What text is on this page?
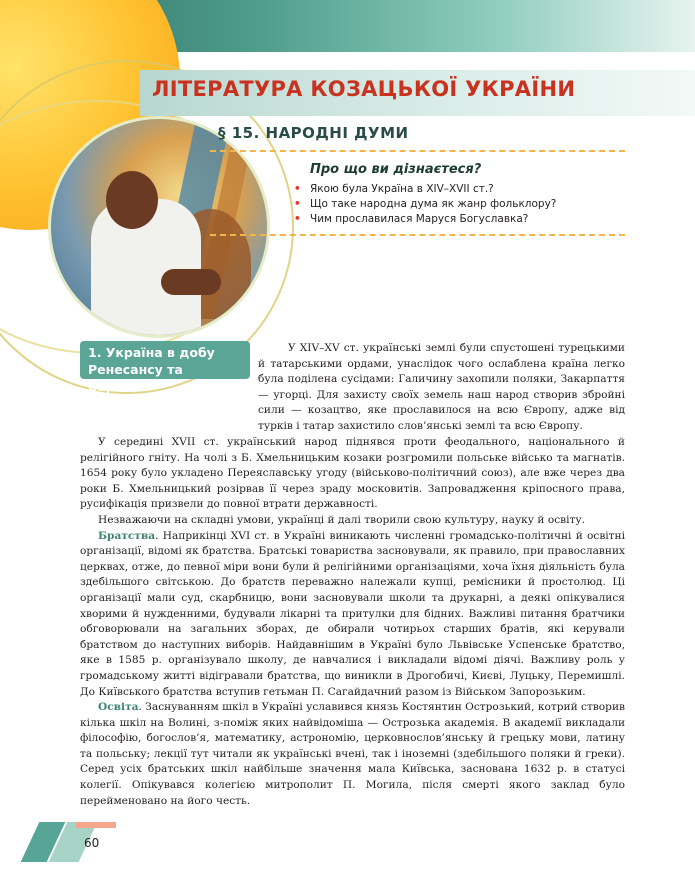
ЛІТЕРАТУРА КОЗАЦЬКОЇ УКРАЇНИ
§ 15. НАРОДНІ ДУМИ
Про що ви дізнаєтеся?
• Якою була Україна в XIV–XVII ст.?
• Що таке народна дума як жанр фольклору?
• Чим прославилася Маруся Богуславка?
1. Україна в добу Ренесансу та Бароко.

У XIV–XV ст. українські землі були спустошені турецькими й татарськими ордами, унаслідок чого ослаблена країна легко була поділена сусідами: Галичину захопили поляки, Закарпаття — угорці. Для захисту своїх земель наш народ створив збройні сили — козацтво, яке прославилося на всю Європу, адже від турків і татар захистило слов’янські землі та всю Європу.

У середині XVII ст. український народ піднявся проти феодального, національного й релігійного гніту. На чолі з Б. Хмельницьким козаки розгромили польське військо та магнатів. 1654 року було укладено Переяславську угоду (військово-політичний союз), але вже через два роки Б. Хмельницький розірвав її через зраду московитів. Запровадження кріпосного права, русифікація призвели до повної втрати державності.

Незважаючи на складні умови, українці й далі творили свою культуру, науку й освіту.

Братства. Наприкінці XVI ст. в Україні виникають численні громадсько-політичні й освітні організації, відомі як братства. Братські товариства засновували, як правило, при православних церквах, отже, до певної міри вони були й релігійними організаціями, хоча їхня діяльність була здебільшого світською. До братств переважно належали купці, ремісники й простолюд. Ці організації мали суд, скарбницю, вони засновували школи та друкарні, а деякі опікувалися хворими й нужденними, будували лікарні та притулки для бідних. Важливі питання братчики обговорювали на загальних зборах, де обирали чотирьох старших братів, які керували братством до наступних виборів. Найдавнішим в Україні було Львівське Успенське братство, яке в 1585 р. організувало школу, де навчалися і викладали відомі діячі. Важливу роль у громадському житті відігравали братства, що виникли в Дрогобичі, Києві, Луцьку, Перемишлі. До Київського братства вступив гетьман П. Сагайдачний разом із Військом Запорозьким.

Освіта. Заснуванням шкіл в Україні уславився князь Костянтин Острозький, котрий створив кілька шкіл на Волині, з-поміж яких найвідоміша — Острозька академія. В академії викладали філософію, богослов’я, математику, астрономію, церковнослов’янську й грецьку мови, латину та польську; лекції тут читали як українські вчені, так і іноземні (здебільшого поляки й греки). Серед усіх братських шкіл найбільше значення мала Київська, заснована 1632 р. в статусі колегії. Опікувався колегією митрополит П. Могила, після смерті якого заклад було перейменовано на його честь.

60
